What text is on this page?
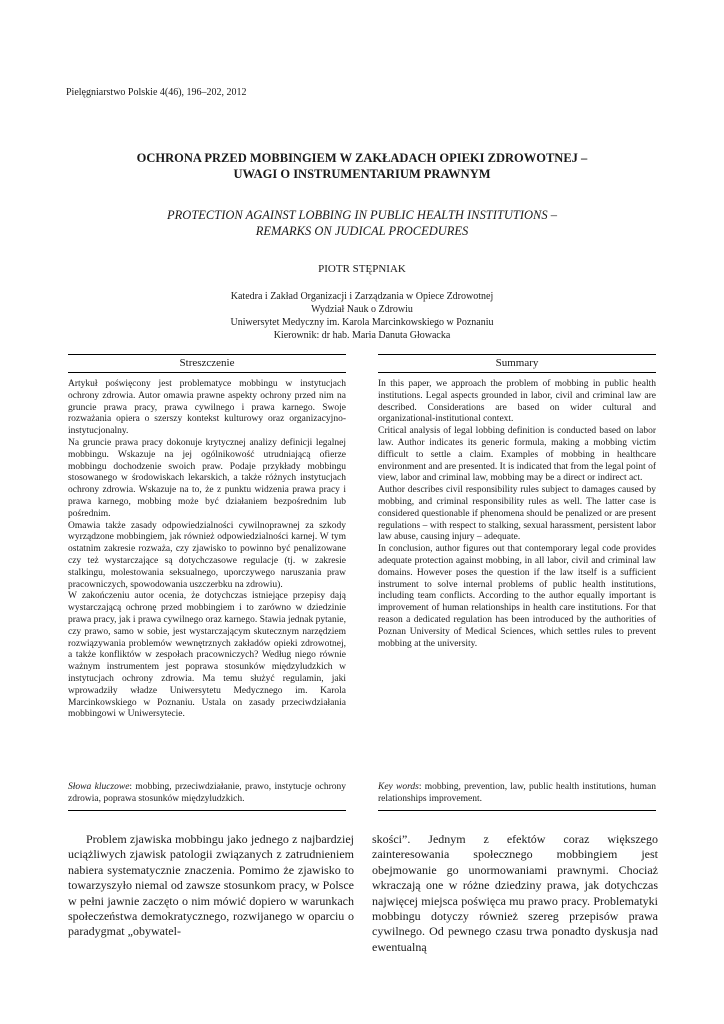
Pielęgniarstwo Polskie 4(46), 196–202, 2012
OCHRONA PRZED MOBBINGIEM W ZAKŁADACH OPIEKI ZDROWOTNEJ –
UWAGI O INSTRUMENTARIUM PRAWNYM
PROTECTION AGAINST LOBBING IN PUBLIC HEALTH INSTITUTIONS –
REMARKS ON JUDICAL PROCEDURES
PIOTR STĘPNIAK
Katedra i Zakład Organizacji i Zarządzania w Opiece Zdrowotnej
Wydział Nauk o Zdrowiu
Uniwersytet Medyczny im. Karola Marcinkowskiego w Poznaniu
Kierownik: dr hab. Maria Danuta Głowacka
Streszczenie	Summary

Artykuł poświęcony jest problematyce mobbingu w instytucjach ochrony zdrowia. Autor omawia prawne aspekty ochrony przed nim na gruncie prawa pracy, prawa cywilnego i prawa karnego. Swoje rozważania opiera o szerszy kontekst kulturowy oraz organizacyjno-instytucjonalny.

Na gruncie prawa pracy dokonuje krytycznej analizy definicji legalnej mobbingu. Wskazuje na jej ogólnikowość utrudniającą ofierze mobbingu dochodzenie swoich praw. Podaje przykłady mobbingu stosowanego w środowiskach lekarskich, a także różnych instytucjach ochrony zdrowia. Wskazuje na to, że z punktu widzenia prawa pracy i prawa karnego, mobbing może być działaniem bezpośrednim lub pośrednim.

Omawia także zasady odpowiedzialności cywilnoprawnej za szkody wyrządzone mobbingiem, jak również odpowiedzialności karnej. W tym ostatnim zakresie rozważa, czy zjawisko to powinno być penalizowane czy też wystarczające są dotychczasowe regulacje (tj. w zakresie stalkingu, molestowania seksualnego, uporczywego naruszania praw pracowniczych, spowodowania uszczerbku na zdrowiu).

W zakończeniu autor ocenia, że dotychczas istniejące przepisy dają wystarczającą ochronę przed mobbingiem i to zarówno w dziedzinie prawa pracy, jak i prawa cywilnego oraz karnego. Stawia jednak pytanie, czy prawo, samo w sobie, jest wystarczającym skutecznym narzędziem rozwiązywania problemów wewnętrznych zakładów opieki zdrowotnej, a także konfliktów w zespołach pracowniczych? Według niego równie ważnym instrumentem jest poprawa stosunków międzyludzkich w instytucjach ochrony zdrowia. Ma temu służyć regulamin, jaki wprowadziły władze Uniwersytetu Medycznego im. Karola Marcinkowskiego w Poznaniu. Ustala on zasady przeciwdziałania mobbingowi w Uniwersytecie.

In this paper, we approach the problem of mobbing in public health institutions. Legal aspects grounded in labor, civil and criminal law are described. Considerations are based on wider cultural and organizational-institutional context.

Critical analysis of legal lobbing definition is conducted based on labor law. Author indicates its generic formula, making a mobbing victim difficult to settle a claim. Examples of mobbing in healthcare environment and are presented. It is indicated that from the legal point of view, labor and criminal law, mobbing may be a direct or indirect act.

Author describes civil responsibility rules subject to damages caused by mobbing, and criminal responsibility rules as well. The latter case is considered questionable if phenomena should be penalized or are present regulations – with respect to stalking, sexual harassment, persistent labor law abuse, causing injury – adequate.

In conclusion, author figures out that contemporary legal code provides adequate protection against mobbing, in all labor, civil and criminal law domains. However poses the question if the law itself is a sufficient instrument to solve internal problems of public health institutions, including team conflicts. According to the author equally important is improvement of human relationships in health care institutions. For that reason a dedicated regulation has been introduced by the authorities of Poznan University of Medical Sciences, which settles rules to prevent mobbing at the university.

Słowa kluczowe: mobbing, przeciwdziałanie, prawo, instytucje ochrony zdrowia, poprawa stosunków międzyludzkich.
Key words: mobbing, prevention, law, public health institutions, human relationships improvement.

Problem zjawiska mobbingu jako jednego z najbardziej uciążliwych zjawisk patologii związanych z zatrudnieniem nabiera systematycznie znaczenia. Pomimo że zjawisko to towarzyszyło niemal od zawsze stosunkom pracy, w Polsce w pełni jawnie zaczęto o nim mówić dopiero w warunkach społeczeństwa demokratycznego, rozwijanego w oparciu o paradygmat „obywatel-

skości”. Jednym z efektów coraz większego zainteresowania społecznego mobbingiem jest obejmowanie go unormowaniami prawnymi. Chociaż wkraczają one w różne dziedziny prawa, jak dotychczas najwięcej miejsca poświęca mu prawo pracy. Problematyki mobbingu dotyczy również szereg przepisów prawa cywilnego. Od pewnego czasu trwa ponadto dyskusja nad ewentualną
